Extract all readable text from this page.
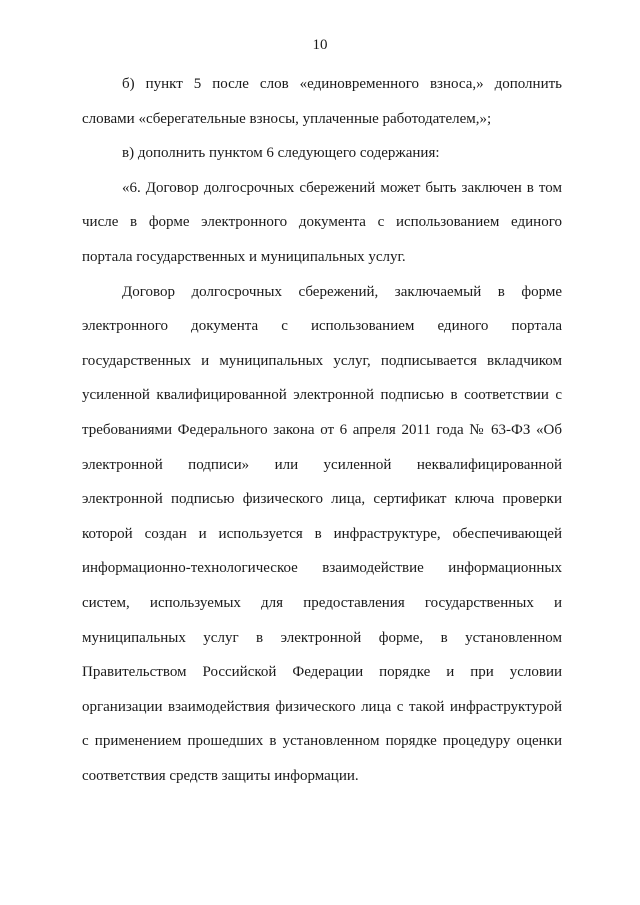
10

б) пункт 5 после слов «единовременного взноса,» дополнить
словами «сберегательные взносы, уплаченные работодателем,»;

в) дополнить пунктом 6 следующего содержания:

«6. Договор долгосрочных сбережений может быть заключен в том
числе в форме электронного документа с использованием единого
портала государственных и муниципальных услуг.

Договор долгосрочных сбережений, заключаемый в форме
электронного документа с использованием единого портала
государственных и муниципальных услуг, подписывается вкладчиком
усиленной квалифицированной электронной подписью в соответствии с
требованиями Федерального закона от 6 апреля 2011 года № 63-ФЗ «Об
электронной подписи» или усиленной неквалифицированной
электронной подписью физического лица, сертификат ключа проверки
которой создан и используется в инфраструктуре, обеспечивающей
информационно-технологическое взаимодействие информационных
систем, используемых для предоставления государственных и
муниципальных услуг в электронной форме, в установленном
Правительством Российской Федерации порядке и при условии
организации взаимодействия физического лица с такой инфраструктурой
с применением прошедших в установленном порядке процедуру оценки
соответствия средств защиты информации.
